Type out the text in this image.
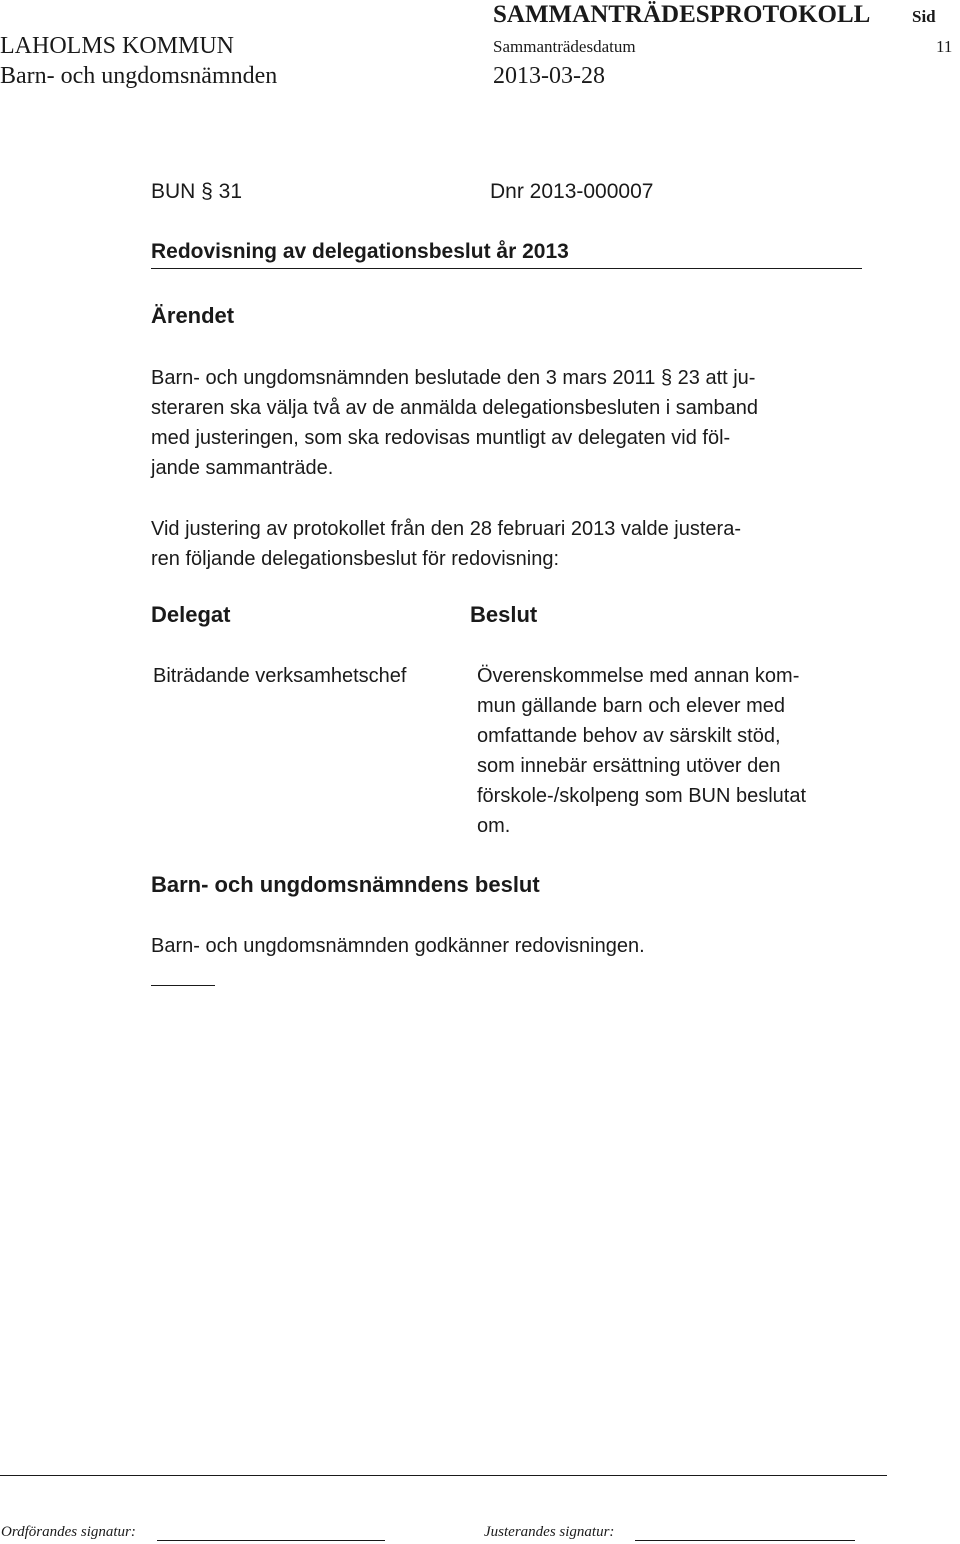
SAMMANTRÄDESPROTOKOLL Sid
LAHOLMS KOMMUN	Sammanträdesdatum	11
Barn- och ungdomsnämnden	2013-03-28
BUN § 31	Dnr 2013-000007
Redovisning av delegationsbeslut år 2013
Ärendet
Barn- och ungdomsnämnden beslutade den 3 mars 2011 § 23 att ju-
steraren ska välja två av de anmälda delegationsbesluten i samband
med justeringen, som ska redovisas muntligt av delegaten vid föl-
jande sammanträde.
Vid justering av protokollet från den 28 februari 2013 valde justera-
ren följande delegationsbeslut för redovisning:
Delegat	Beslut
Biträdande verksamhetschef	Överenskommelse med annan kom-
mun gällande barn och elever med
omfattande behov av särskilt stöd,
som innebär ersättning utöver den
förskole-/skolpeng som BUN beslutat
om.
Barn- och ungdomsnämndens beslut
Barn- och ungdomsnämnden godkänner redovisningen.
Ordförandes signatur:	Justerandes signatur:
